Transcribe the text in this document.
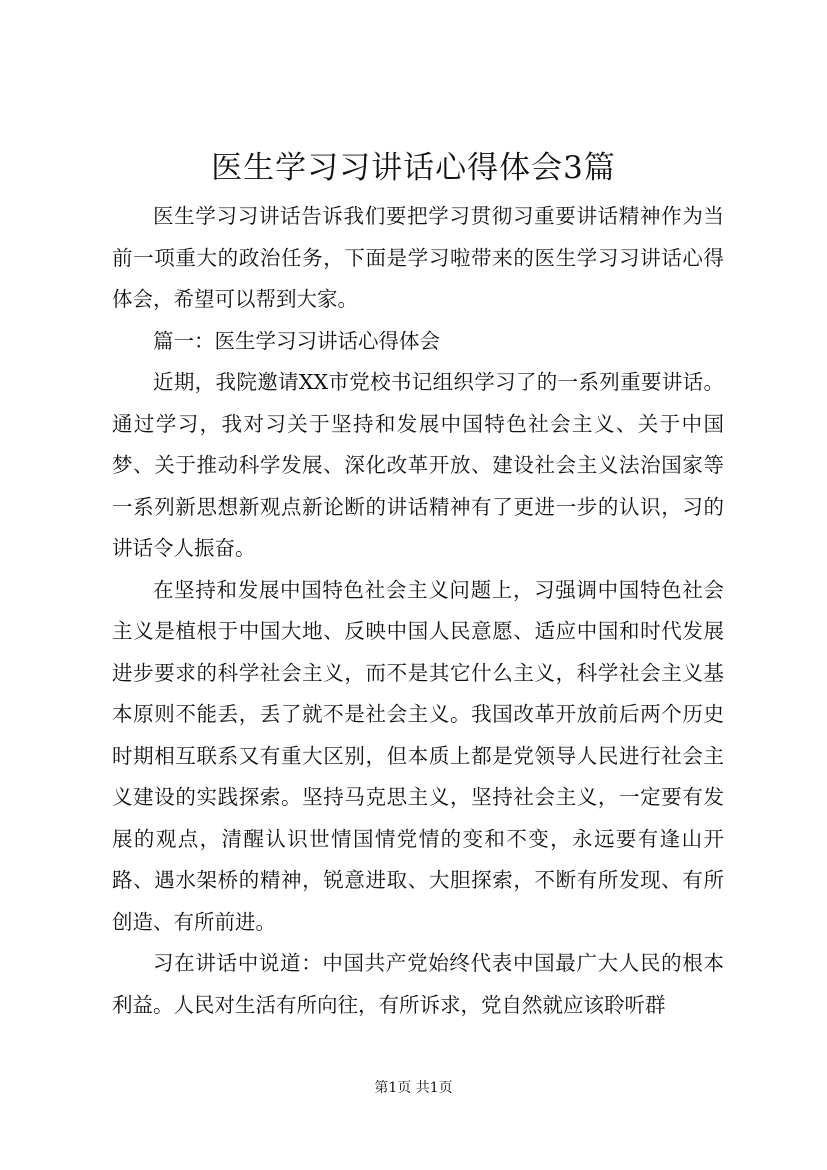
医生学习习讲话心得体会3篇

医生学习习讲话告诉我们要把学习贯彻习重要讲话精神作为当前一项重大的政治任务，下面是学习啦带来的医生学习习讲话心得体会，希望可以帮到大家。

篇一：医生学习习讲话心得体会

近期，我院邀请XX市党校书记组织学习了的一系列重要讲话。通过学习，我对习关于坚持和发展中国特色社会主义、关于中国梦、关于推动科学发展、深化改革开放、建设社会主义法治国家等一系列新思想新观点新论断的讲话精神有了更进一步的认识，习的讲话令人振奋。

在坚持和发展中国特色社会主义问题上，习强调中国特色社会主义是植根于中国大地、反映中国人民意愿、适应中国和时代发展进步要求的科学社会主义，而不是其它什么主义，科学社会主义基本原则不能丢，丢了就不是社会主义。我国改革开放前后两个历史时期相互联系又有重大区别，但本质上都是党领导人民进行社会主义建设的实践探索。坚持马克思主义，坚持社会主义，一定要有发展的观点，清醒认识世情国情党情的变和不变，永远要有逢山开路、遇水架桥的精神，锐意进取、大胆探索，不断有所发现、有所创造、有所前进。

习在讲话中说道：中国共产党始终代表中国最广大人民的根本利益。人民对生活有所向往，有所诉求，党自然就应该聆听群

第1页 共1页
